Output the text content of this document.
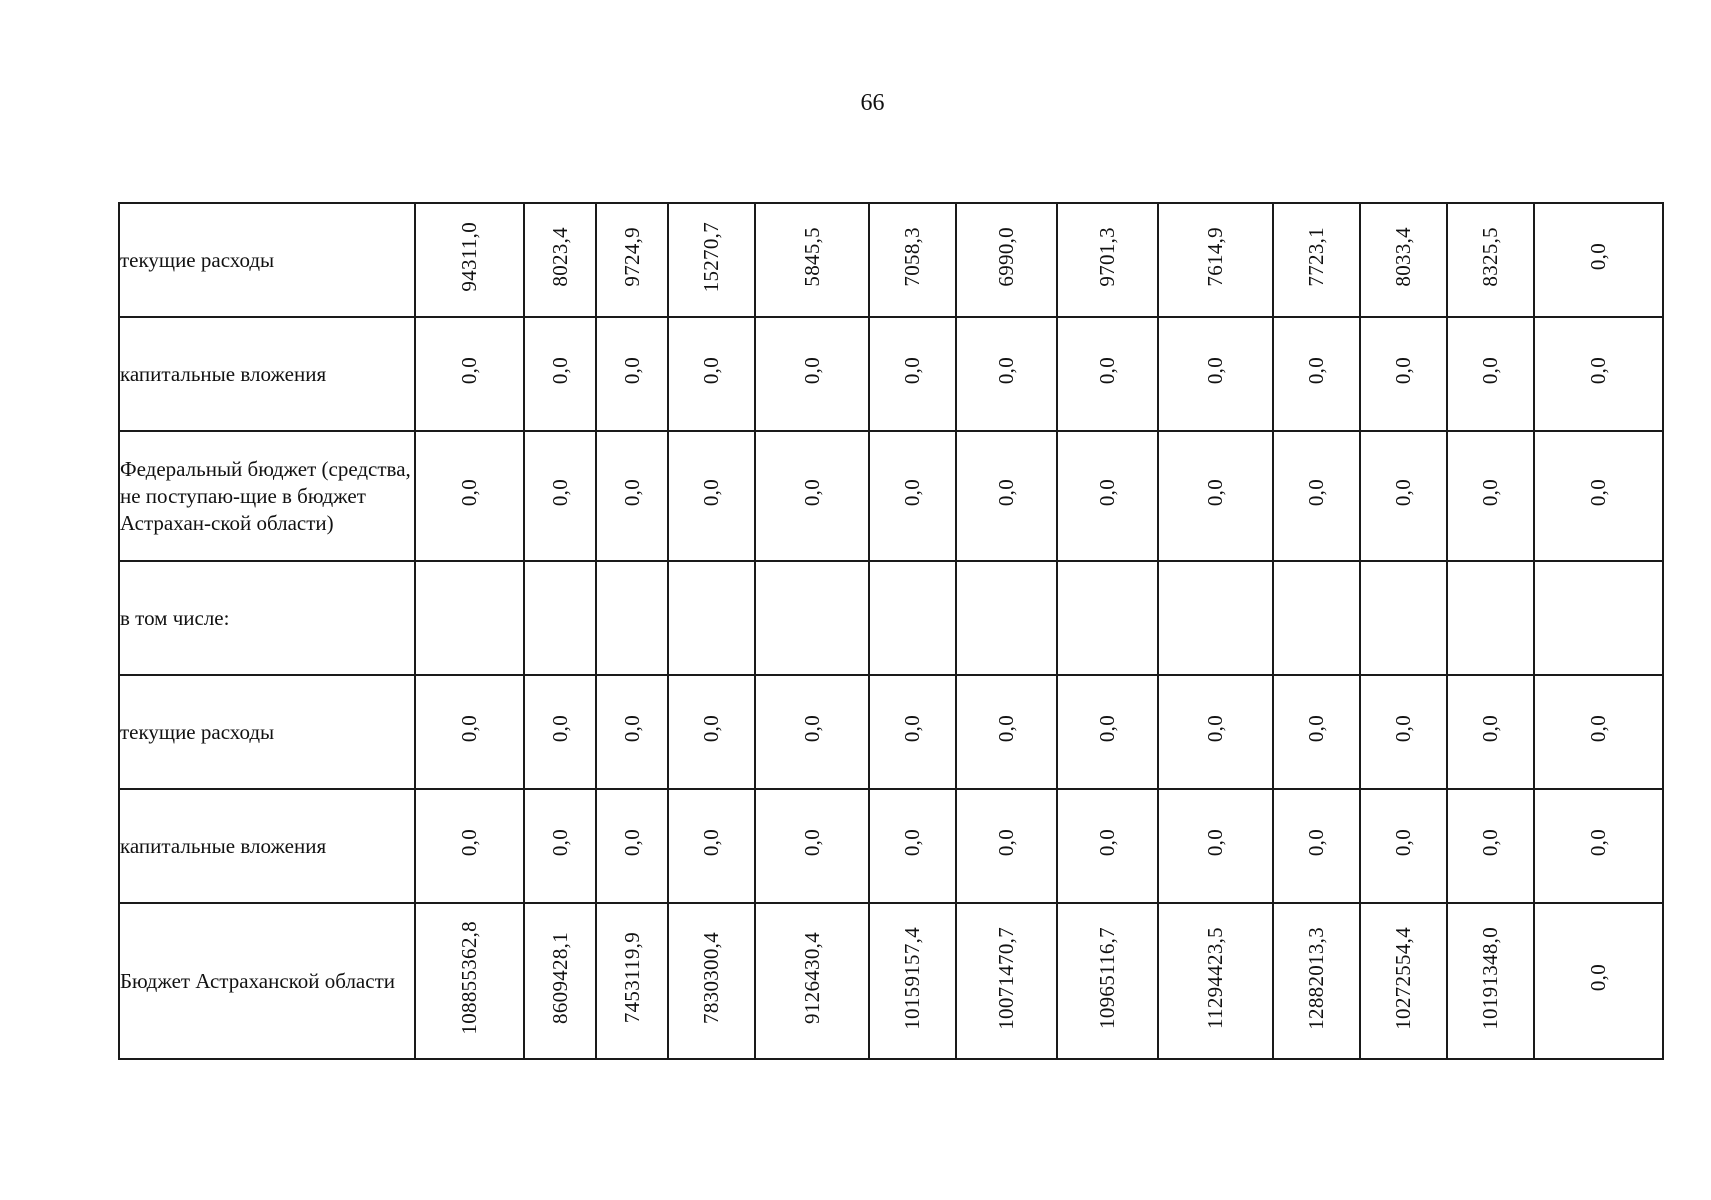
66
текущие расходы	94311,0	8023,4	9724,9	15270,7	5845,5	7058,3	6990,0	9701,3	7614,9	7723,1	8033,4	8325,5	0,0
капитальные вложения	0,0	0,0	0,0	0,0	0,0	0,0	0,0	0,0	0,0	0,0	0,0	0,0	0,0
Федеральный бюджет (средства, не поступаю-щие в бюджет Астрахан-ской области)	0,0	0,0	0,0	0,0	0,0	0,0	0,0	0,0	0,0	0,0	0,0	0,0	0,0
в том числе:													
текущие расходы	0,0	0,0	0,0	0,0	0,0	0,0	0,0	0,0	0,0	0,0	0,0	0,0	0,0
капитальные вложения	0,0	0,0	0,0	0,0	0,0	0,0	0,0	0,0	0,0	0,0	0,0	0,0	0,0
Бюджет Астраханской области	108855362,8	8609428,1	7453119,9	7830300,4	9126430,4	10159157,4	10071470,7	10965116,7	11294423,5	12882013,3	10272554,4	10191348,0	0,0
